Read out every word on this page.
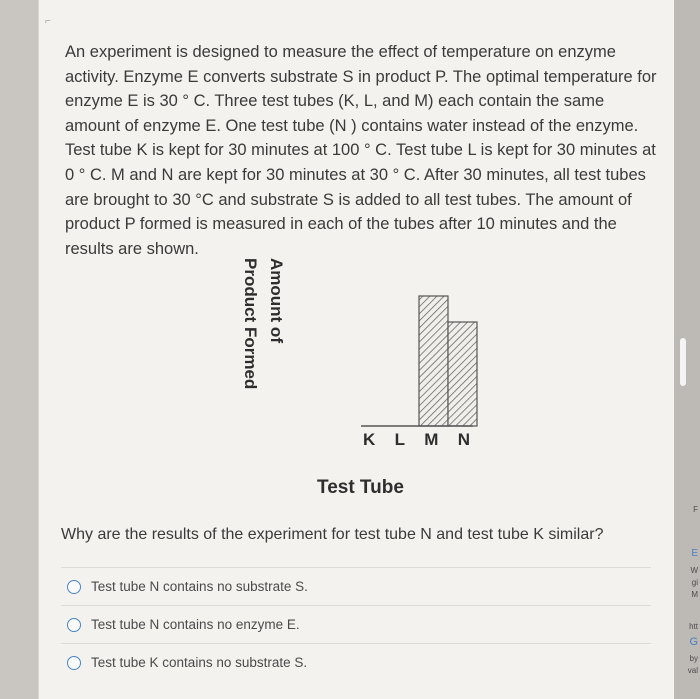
⌐
An experiment is designed to measure the effect of temperature on enzyme activity. Enzyme E converts substrate S in product P. The optimal temperature for enzyme E is 30 ° C. Three test tubes (K, L, and M) each contain the same amount of enzyme E. One test tube (N ) contains water instead of the enzyme. Test tube K is kept for 30 minutes at 100 ° C. Test tube L is kept for 30 minutes at 0 ° C. M and N are kept for 30 minutes at 30 ° C. After 30 minutes, all test tubes are brought to 30 °C and substrate S is added to all test tubes. The amount of product P formed is measured in each of the tubes after 10 minutes and the results are shown.
Amount of
Product Formed
K L M N
Test Tube
Why are the results of the experiment for test tube N and test tube K similar?
Test tube N contains no substrate S.
Test tube N contains no enzyme E.
Test tube K contains no substrate S.
F
E
W
gi
M
htt
G
by
val
